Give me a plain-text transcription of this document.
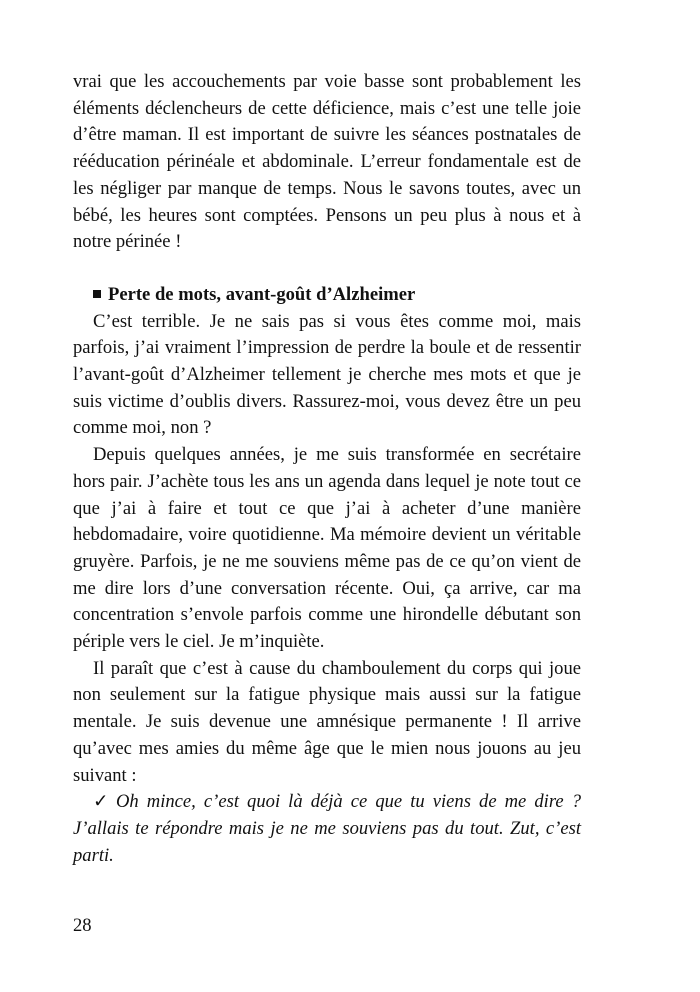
vrai que les accouchements par voie basse sont probablement les éléments déclencheurs de cette déficience, mais c’est une telle joie d’être maman. Il est important de suivre les séances postnatales de rééducation périnéale et abdominale. L’erreur fondamentale est de les négliger par manque de temps. Nous le savons toutes, avec un bébé, les heures sont comptées. Pensons un peu plus à nous et à notre périnée !

Perte de mots, avant-goût d’Alzheimer

C’est terrible. Je ne sais pas si vous êtes comme moi, mais parfois, j’ai vraiment l’impression de perdre la boule et de ressentir l’avant-goût d’Alzheimer tellement je cherche mes mots et que je suis victime d’oublis divers. Rassurez-moi, vous devez être un peu comme moi, non ?

Depuis quelques années, je me suis transformée en secrétaire hors pair. J’achète tous les ans un agenda dans lequel je note tout ce que j’ai à faire et tout ce que j’ai à acheter d’une manière hebdomadaire, voire quotidienne. Ma mémoire devient un véritable gruyère. Parfois, je ne me souviens même pas de ce qu’on vient de me dire lors d’une conversation récente. Oui, ça arrive, car ma concentration s’envole parfois comme une hirondelle débutant son périple vers le ciel. Je m’inquiète.

Il paraît que c’est à cause du chamboulement du corps qui joue non seulement sur la fatigue physique mais aussi sur la fatigue mentale. Je suis devenue une amnésique permanente ! Il arrive qu’avec mes amies du même âge que le mien nous jouons au jeu suivant :

✓ Oh mince, c’est quoi là déjà ce que tu viens de me dire ? J’allais te répondre mais je ne me souviens pas du tout. Zut, c’est parti.

28
